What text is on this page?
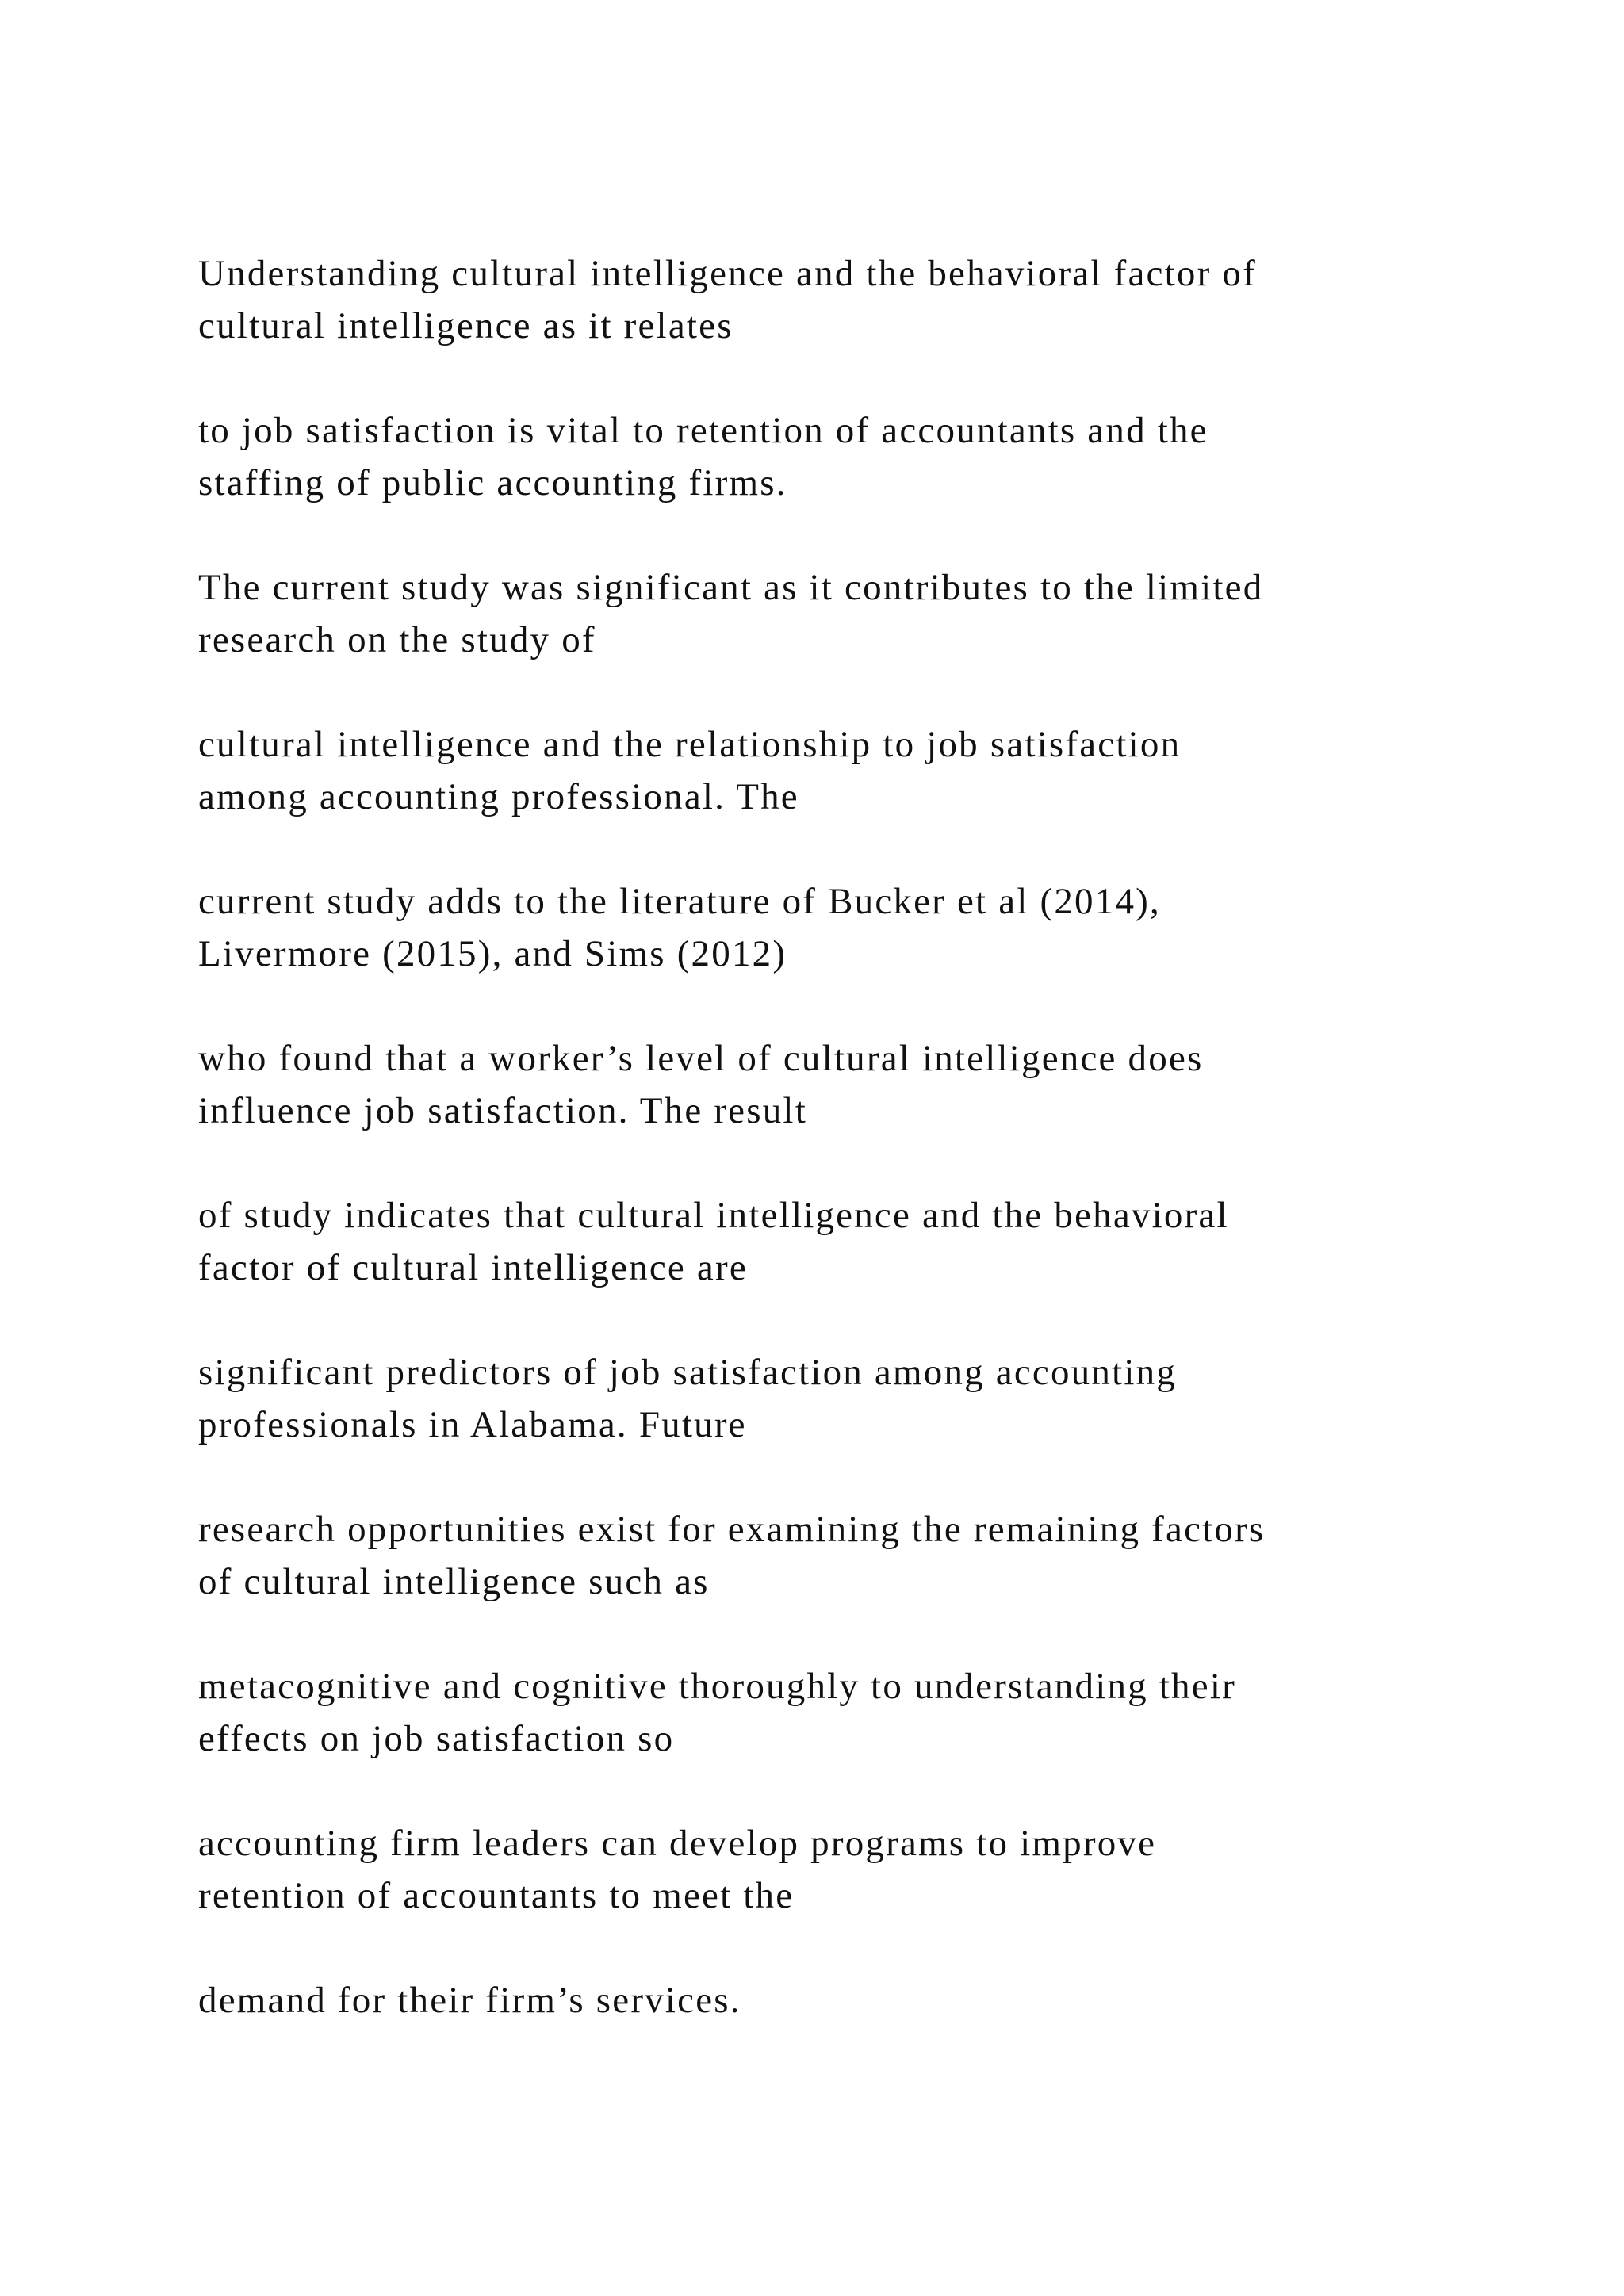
Understanding cultural intelligence and the behavioral factor of
cultural intelligence as it relates

to job satisfaction is vital to retention of accountants and the
staffing of public accounting firms.

The current study was significant as it contributes to the limited
research on the study of

cultural intelligence and the relationship to job satisfaction
among accounting professional. The

current study adds to the literature of Bucker et al (2014),
Livermore (2015), and Sims (2012)

who found that a worker’s level of cultural intelligence does
influence job satisfaction. The result

of study indicates that cultural intelligence and the behavioral
factor of cultural intelligence are

significant predictors of job satisfaction among accounting
professionals in Alabama. Future

research opportunities exist for examining the remaining factors
of cultural intelligence such as

metacognitive and cognitive thoroughly to understanding their
effects on job satisfaction so

accounting firm leaders can develop programs to improve
retention of accountants to meet the

demand for their firm’s services.
